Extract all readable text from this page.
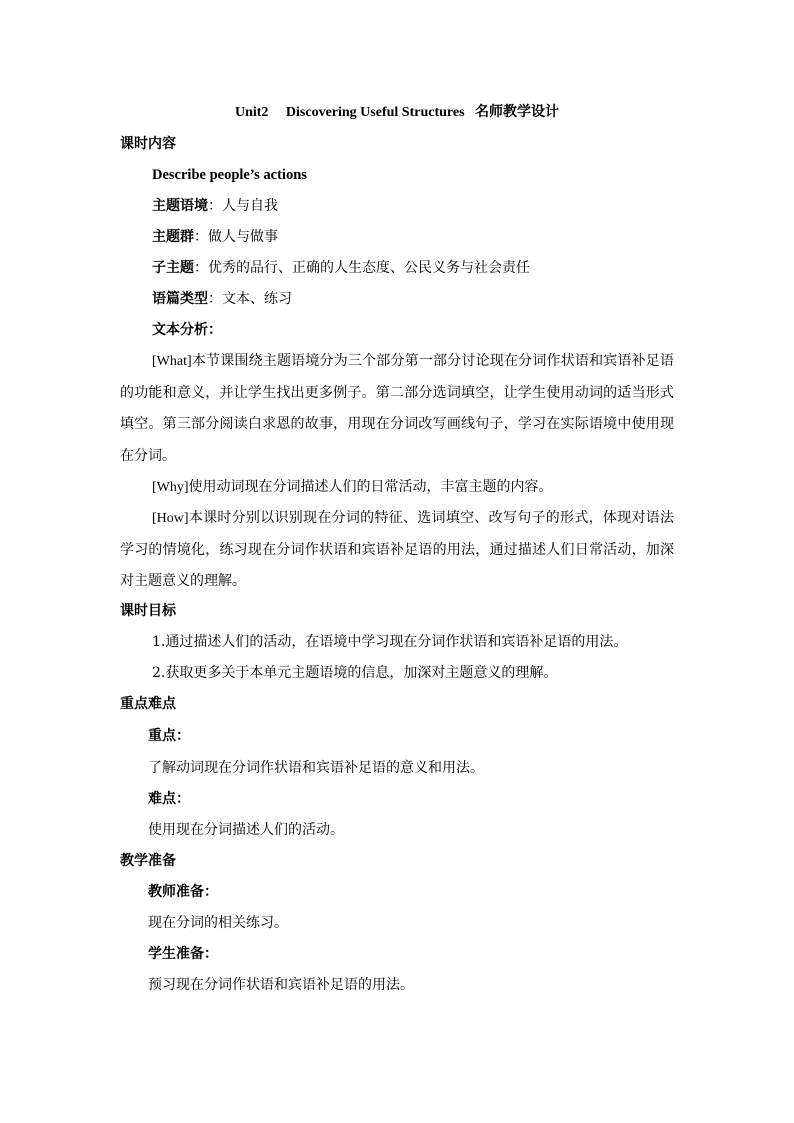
Unit2     Discovering Useful Structures   名师教学设计
课时内容
Describe people’s actions
主题语境：人与自我
主题群：做人与做事
子主题：优秀的品行、正确的人生态度、公民义务与社会责任
语篇类型：文本、练习
文本分析：
[What]本节课围绕主题语境分为三个部分第一部分讨论现在分词作状语和宾语补足语的功能和意义，并让学生找出更多例子。第二部分选词填空，让学生使用动词的适当形式填空。第三部分阅读白求恩的故事，用现在分词改写画线句子，学习在实际语境中使用现在分词。
[Why]使用动词现在分词描述人们的日常活动，丰富主题的内容。
[How]本课时分别以识别现在分词的特征、选词填空、改写句子的形式，体现对语法学习的情境化，练习现在分词作状语和宾语补足语的用法，通过描述人们日常活动，加深对主题意义的理解。
课时目标
1.通过描述人们的活动，在语境中学习现在分词作状语和宾语补足语的用法。
2.获取更多关于本单元主题语境的信息，加深对主题意义的理解。
重点难点
重点：
了解动词现在分词作状语和宾语补足语的意义和用法。
难点：
使用现在分词描述人们的活动。
教学准备
教师准备：
现在分词的相关练习。
学生准备：
预习现在分词作状语和宾语补足语的用法。
